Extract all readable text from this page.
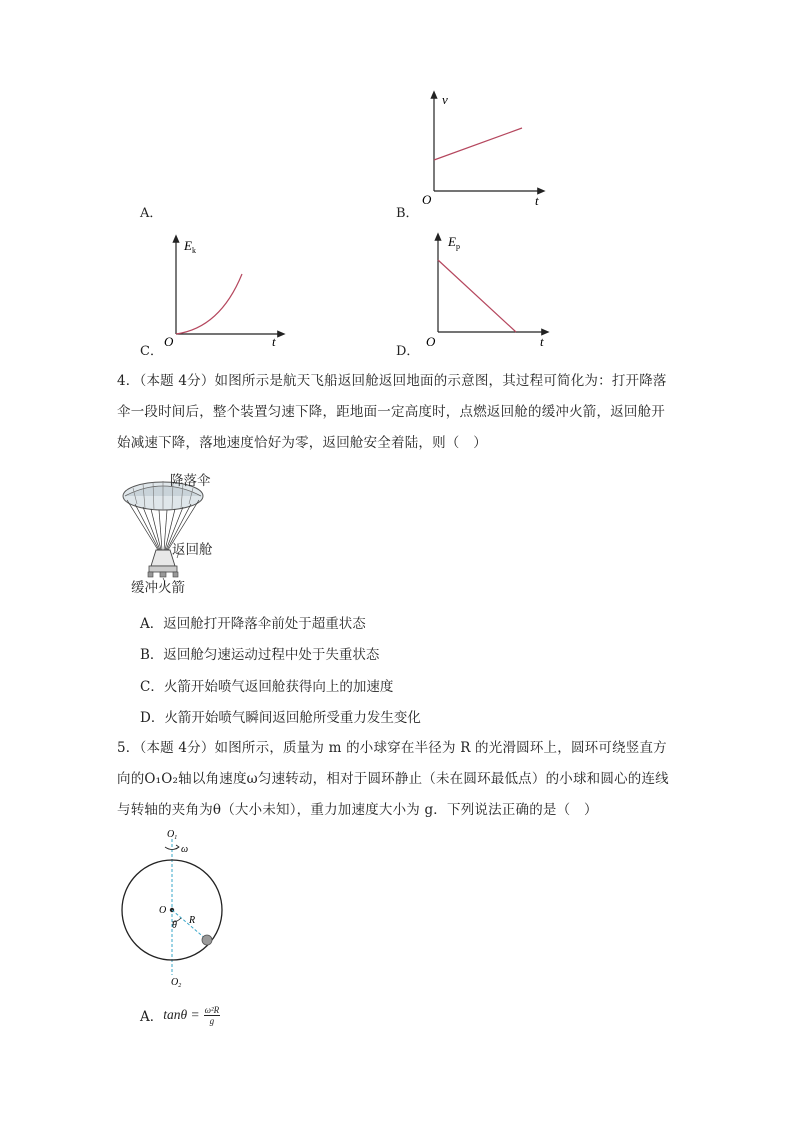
A．
v
t
O
B．
$E_k$
t
O
C．
$E_p$
t
O
D．
4．（本题 4分）如图所示是航天飞船返回舱返回地面的示意图，其过程可简化为：打开降落
伞一段时间后，整个装置匀速下降，距地面一定高度时，点燃返回舱的缓冲火箭，返回舱开
始减速下降，落地速度恰好为零，返回舱安全着陆，则（　）
降落伞
返回舱
缓冲火箭
A．返回舱打开降落伞前处于超重状态
B．返回舱匀速运动过程中处于失重状态
C．火箭开始喷气返回舱获得向上的加速度
D．火箭开始喷气瞬间返回舱所受重力发生变化
5．（本题 4分）如图所示，质量为 m 的小球穿在半径为 R 的光滑圆环上，圆环可绕竖直方
向的O₁O₂轴以角速度ω匀速转动，相对于圆环静止（未在圆环最低点）的小球和圆心的连线
与转轴的夹角为θ（大小未知），重力加速度大小为 g．下列说法正确的是（　）
$O_1$
ω
O
R
θ
$O_2$
A． $\tan\theta = \frac{\text{ω²R}}{g}$
